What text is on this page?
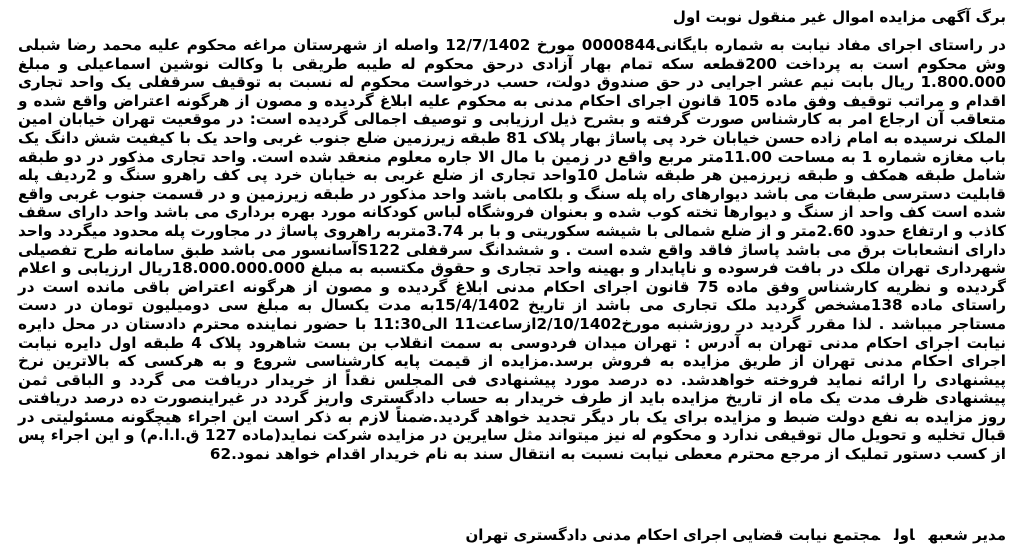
برگ آگهی مزایده اموال غیر منقول نوبت اول

در راستای اجرای مفاد نیابت به شماره بایگانی0000844 مورخ 12/7/1402 واصله از شهرستان مراغه محکوم علیه محمد رضا شبلی وش محکوم است به پرداخت 200قطعه سکه تمام بهار آزادی درحق محکوم له طیبه طریقی با وکالت نوشین اسماعیلی و مبلغ 1.800.000 ریال بابت نیم عشر اجرایی در حق صندوق دولت، حسب درخواست محکوم له نسبت به توقیف سرقفلی یک واحد تجاری اقدام و مراتب توقیف وفق ماده 105 قانون اجرای احکام مدنی به محکوم علیه ابلاغ گردیده و مصون از هرگونه اعتراض واقع شده و متعاقب آن ارجاع امر به کارشناس صورت گرفته و بشرح ذیل ارزیابی و توصیف اجمالی گردیده است: در موقعیت تهران خیابان امین الملک نرسیده به امام زاده حسن خیابان خرد پی پاساژ بهار پلاک 81 طبقه زیرزمین ضلع جنوب غربی واحد یک با کیفیت شش دانگ یک باب مغازه شماره 1 به مساحت 11.00متر مربع واقع در زمین با مال الا جاره معلوم منعقد شده است. واحد تجاری مذکور در دو طبقه شامل طبقه همکف و طبقه زیرزمین هر طبقه شامل 10واحد تجاری از ضلع غربی به خیابان خرد پی کف راهرو سنگ و 2ردیف پله قابلیت دسترسی طبقات می باشد دیوارهای راه پله سنگ و بلکامی باشد واحد مذکور در طبقه زیرزمین و در قسمت جنوب غربی واقع شده است کف واحد از سنگ و دیوارها تخته کوب شده و بعنوان فروشگاه لباس کودکانه مورد بهره برداری می باشد واحد دارای سقف کاذب و ارتفاع حدود 2.60متر و از ضلع شمالی با شیشه سکوریتی و با بر 3.74متربه راهروی پاساژ در مجاورت پله محدود میگردد واحد دارای انشعابات برق می باشد پاساژ فاقد واقع شده است . و ششدانگ سرقفلی S122آسانسور می باشد طبق سامانه طرح تفصیلی شهرداری تهران ملک در بافت فرسوده و ناپایدار و بهینه واحد تجاری و حقوق مکتسبه به مبلغ 18.000.000.000ریال ارزیابی و اعلام گردیده و نظریه کارشناس وفق ماده 75 قانون اجرای احکام مدنی ابلاغ گردیده و مصون از هرگونه اعتراض باقی مانده است در راستای ماده 138مشخص گردید ملک تجاری می باشد از تاریخ 15/4/1402به مدت یکسال به مبلغ سی دومیلیون تومان در دست مستاجر میباشد . لذا مقرر گردید در روزشنبه مورخ2/10/1402ازساعت11 الی11:30 با حضور نماینده محترم دادستان در محل دایره نیابت اجرای احکام مدنی تهران به آدرس : تهران میدان فردوسی به سمت انقلاب بن بست شاهرود پلاک 4 طبقه اول دایره نیابت اجرای احکام مدنی تهران از طریق مزایده به فروش برسد.مزایده از قیمت پایه کارشناسی شروع و به هرکسی که بالاترین نرخ پیشنهادی را ارائه نماید فروخته خواهدشد. ده درصد مورد پیشنهادی فی المجلس نقداً از خریدار دریافت می گردد و الباقی ثمن پیشنهادی ظرف مدت یک ماه از تاریخ مزایده باید از طرف خریدار به حساب دادگستری واریز گردد در غیراینصورت ده درصد دریافتی روز مزایده به نفع دولت ضبط و مزایده برای یک بار دیگر تجدید خواهد گردید.ضمناً لازم به ذکر است این اجراء هیچگونه مسئولیتی در قبال تخلیه و تحویل مال توقیفی ندارد و محکوم له نیز میتواند مثل سایرین در مزایده شرکت نماید(ماده 127 ق.ا.ا.م) و این اجراء پس از کسب دستور تملیک از مرجع محترم معطی نیابت نسبت به انتقال سند به نام خریدار اقدام خواهد نمود.62

مدیر شعبهاولمجتمع نیابت قضایی اجرای احکام مدنی دادگستری تهران
